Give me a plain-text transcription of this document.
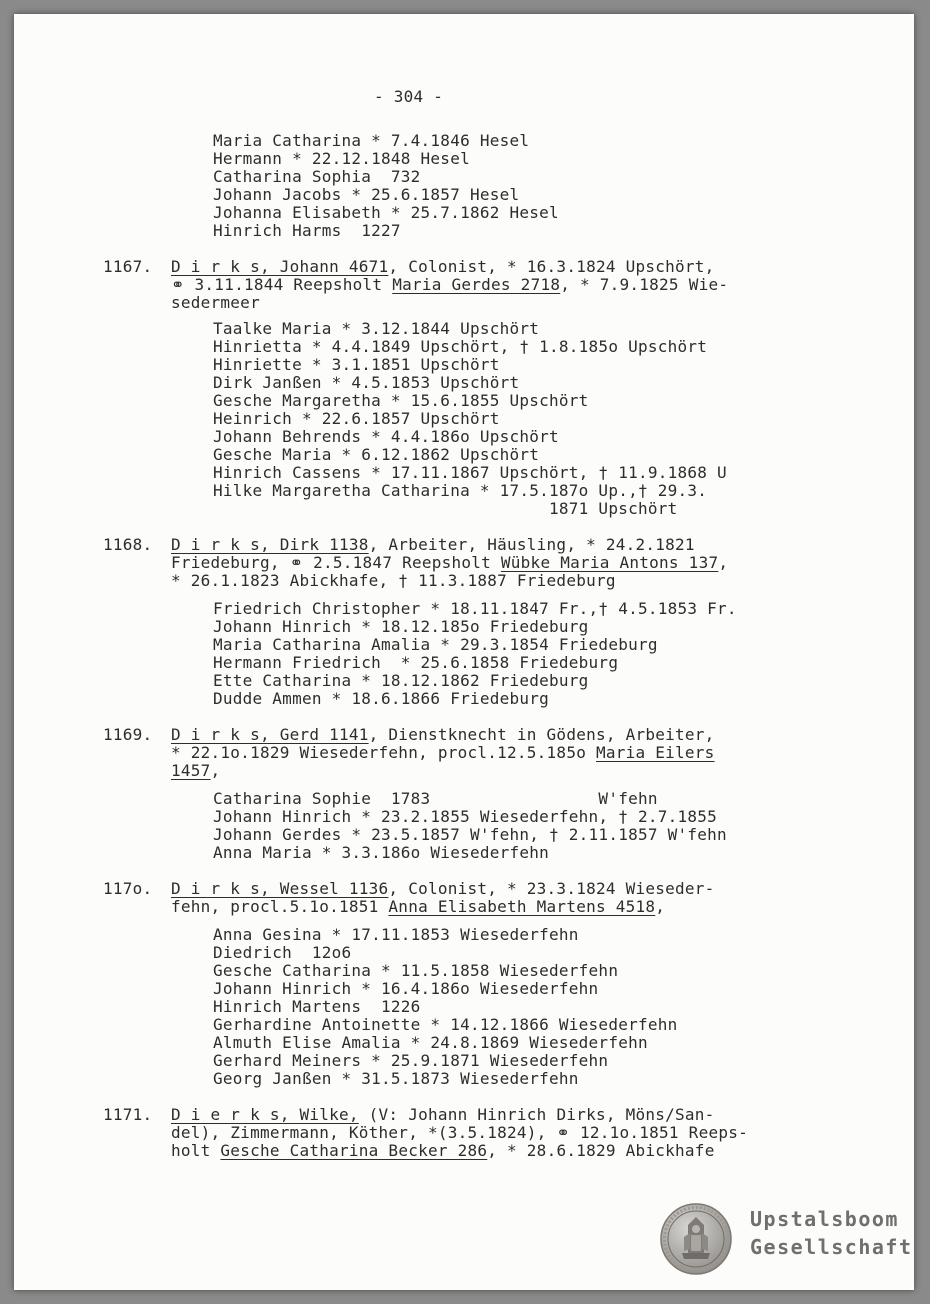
- 304 -
Maria Catharina * 7.4.1846 Hesel
Hermann * 22.12.1848 Hesel
Catharina Sophia  732
Johann Jacobs * 25.6.1857 Hesel
Johanna Elisabeth * 25.7.1862 Hesel
Hinrich Harms  1227
1167. D i r k s, Johann 4671, Colonist, * 16.3.1824 Upschört,
⚭ 3.11.1844 Reepsholt Maria Gerdes 2718, * 7.9.1825 Wie-
sedermeer
Taalke Maria * 3.12.1844 Upschört
Hinrietta * 4.4.1849 Upschört, † 1.8.185o Upschört
Hinriette * 3.1.1851 Upschört
Dirk Janßen * 4.5.1853 Upschört
Gesche Margaretha * 15.6.1855 Upschört
Heinrich * 22.6.1857 Upschört
Johann Behrends * 4.4.186o Upschört
Gesche Maria * 6.12.1862 Upschört
Hinrich Cassens * 17.11.1867 Upschört, † 11.9.1868 U
Hilke Margaretha Catharina * 17.5.187o Up.,† 29.3.
1871 Upschört
1168. D i r k s, Dirk 1138, Arbeiter, Häusling, * 24.2.1821
Friedeburg, ⚭ 2.5.1847 Reepsholt Wübke Maria Antons 137,
* 26.1.1823 Abickhafe, † 11.3.1887 Friedeburg
Friedrich Christopher * 18.11.1847 Fr.,† 4.5.1853 Fr.
Johann Hinrich * 18.12.185o Friedeburg
Maria Catharina Amalia * 29.3.1854 Friedeburg
Hermann Friedrich  * 25.6.1858 Friedeburg
Ette Catharina * 18.12.1862 Friedeburg
Dudde Ammen * 18.6.1866 Friedeburg
1169. D i r k s, Gerd 1141, Dienstknecht in Gödens, Arbeiter,
* 22.1o.1829 Wiesederfehn, procl.12.5.185o Maria Eilers
1457,
Catharina Sophie  1783                 W'fehn
Johann Hinrich * 23.2.1855 Wiesederfehn, † 2.7.1855
Johann Gerdes * 23.5.1857 W'fehn, † 2.11.1857 W'fehn
Anna Maria * 3.3.186o Wiesederfehn
117o. D i r k s, Wessel 1136, Colonist, * 23.3.1824 Wieseder-
fehn, procl.5.1o.1851 Anna Elisabeth Martens 4518,
Anna Gesina * 17.11.1853 Wiesederfehn
Diedrich  12o6
Gesche Catharina * 11.5.1858 Wiesederfehn
Johann Hinrich * 16.4.186o Wiesederfehn
Hinrich Martens  1226
Gerhardine Antoinette * 14.12.1866 Wiesederfehn
Almuth Elise Amalia * 24.8.1869 Wiesederfehn
Gerhard Meiners * 25.9.1871 Wiesederfehn
Georg Janßen * 31.5.1873 Wiesederfehn
1171. D i e r k s, Wilke, (V: Johann Hinrich Dirks, Möns/San-
del), Zimmermann, Köther, *(3.5.1824), ⚭ 12.1o.1851 Reeps-
holt Gesche Catharina Becker 286, * 28.6.1829 Abickhafe
Upstalsboom
Gesellschaft
